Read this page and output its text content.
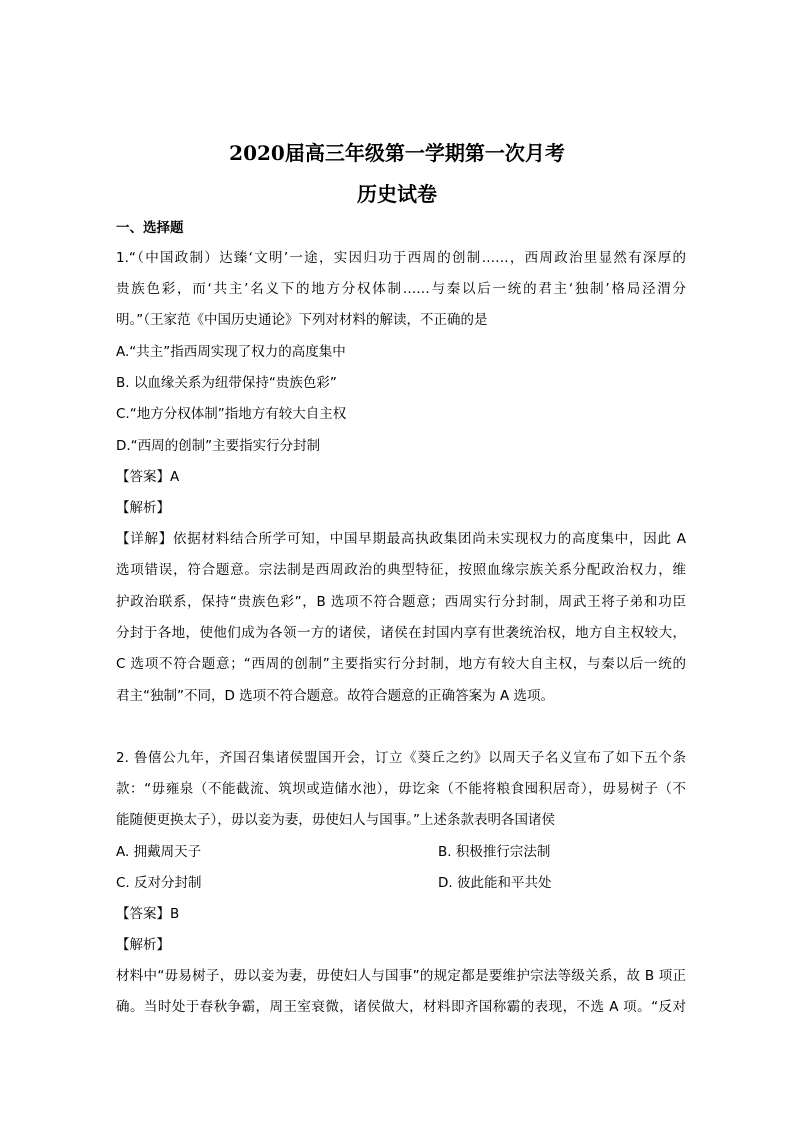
2020届高三年级第一学期第一次月考
历史试卷
一、选择题
1.“（中国政制）达臻‘文明’一途，实因归功于西周的创制……，西周政治里显然有深厚的
贵族色彩，而‘共主’名义下的地方分权体制……与秦以后一统的君主‘独制’格局泾渭分
明。”（王家范《中国历史通论》下列对材料的解读，不正确的是
A.“共主”指西周实现了权力的高度集中
B. 以血缘关系为纽带保持“贵族色彩”
C.“地方分权体制”指地方有较大自主权
D.“西周的创制”主要指实行分封制
【答案】A
【解析】
【详解】依据材料结合所学可知，中国早期最高执政集团尚未实现权力的高度集中，因此 A
选项错误，符合题意。宗法制是西周政治的典型特征，按照血缘宗族关系分配政治权力，维
护政治联系，保持“贵族色彩”，B 选项不符合题意；西周实行分封制，周武王将子弟和功臣
分封于各地，使他们成为各领一方的诸侯，诸侯在封国内享有世袭统治权，地方自主权较大，
C 选项不符合题意；“西周的创制”主要指实行分封制，地方有较大自主权，与秦以后一统的
君主“独制”不同，D 选项不符合题意。故符合题意的正确答案为 A 选项。
2. 鲁僖公九年，齐国召集诸侯盟国开会，订立《葵丘之约》以周天子名义宣布了如下五个条
款：“毋雍泉（不能截流、筑坝或造储水池），毋讫籴（不能将粮食囤积居奇），毋易树子（不
能随便更换太子），毋以妾为妻，毋使妇人与国事。”上述条款表明各国诸侯
A. 拥戴周天子	B. 积极推行宗法制
C. 反对分封制	D. 彼此能和平共处
【答案】B
【解析】
材料中“毋易树子，毋以妾为妻，毋使妇人与国事”的规定都是要维护宗法等级关系，故 B 项正
确。当时处于春秋争霸，周王室衰微，诸侯做大，材料即齐国称霸的表现，不选 A 项。“反对
